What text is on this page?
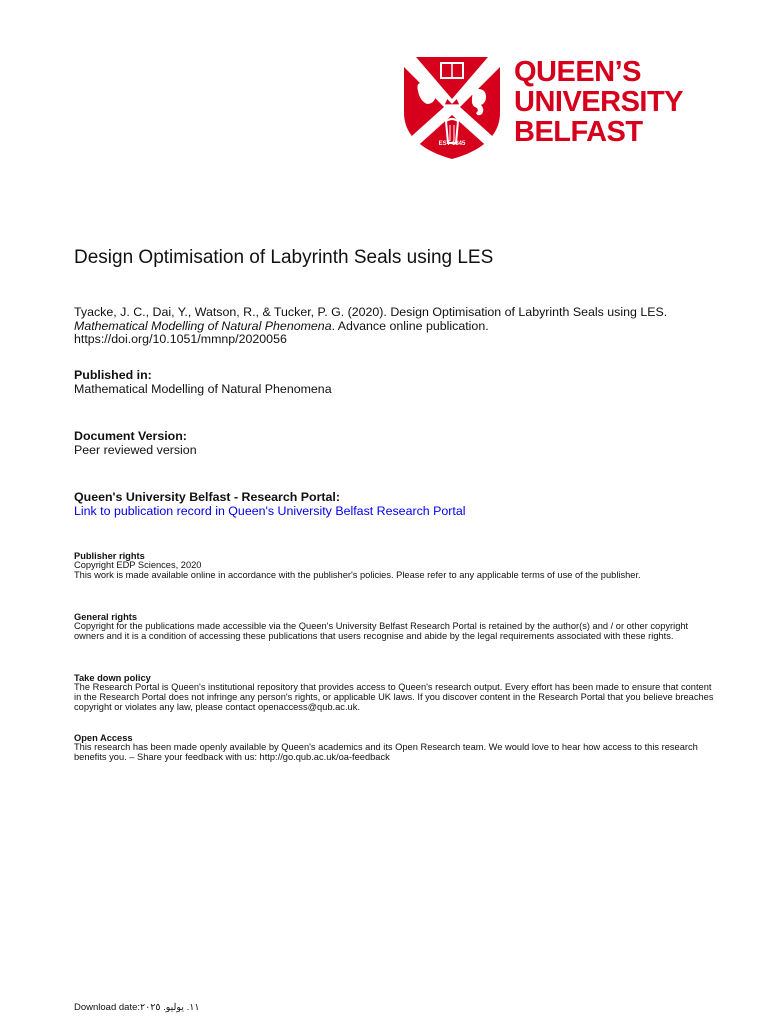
EST 1845
QUEEN’S
UNIVERSITY
BELFAST
Design Optimisation of Labyrinth Seals using LES
Tyacke, J. C., Dai, Y., Watson, R., & Tucker, P. G. (2020). Design Optimisation of Labyrinth Seals using LES.
Mathematical Modelling of Natural Phenomena. Advance online publication.
https://doi.org/10.1051/mmnp/2020056
Published in:
Mathematical Modelling of Natural Phenomena
Document Version:
Peer reviewed version
Queen's University Belfast - Research Portal:
Link to publication record in Queen's University Belfast Research Portal
Publisher rights
Copyright EDP Sciences, 2020
This work is made available online in accordance with the publisher's policies. Please refer to any applicable terms of use of the publisher.
General rights
Copyright for the publications made accessible via the Queen's University Belfast Research Portal is retained by the author(s) and / or other copyright owners and it is a condition of accessing these publications that users recognise and abide by the legal requirements associated with these rights.
Take down policy
The Research Portal is Queen's institutional repository that provides access to Queen's research output. Every effort has been made to ensure that content in the Research Portal does not infringe any person's rights, or applicable UK laws. If you discover content in the Research Portal that you believe breaches copyright or violates any law, please contact openaccess@qub.ac.uk.
Open Access
This research has been made openly available by Queen's academics and its Open Research team. We would love to hear how access to this research benefits you. – Share your feedback with us: http://go.qub.ac.uk/oa-feedback
Download date:١١. يوليو. ٢٠٢٥
